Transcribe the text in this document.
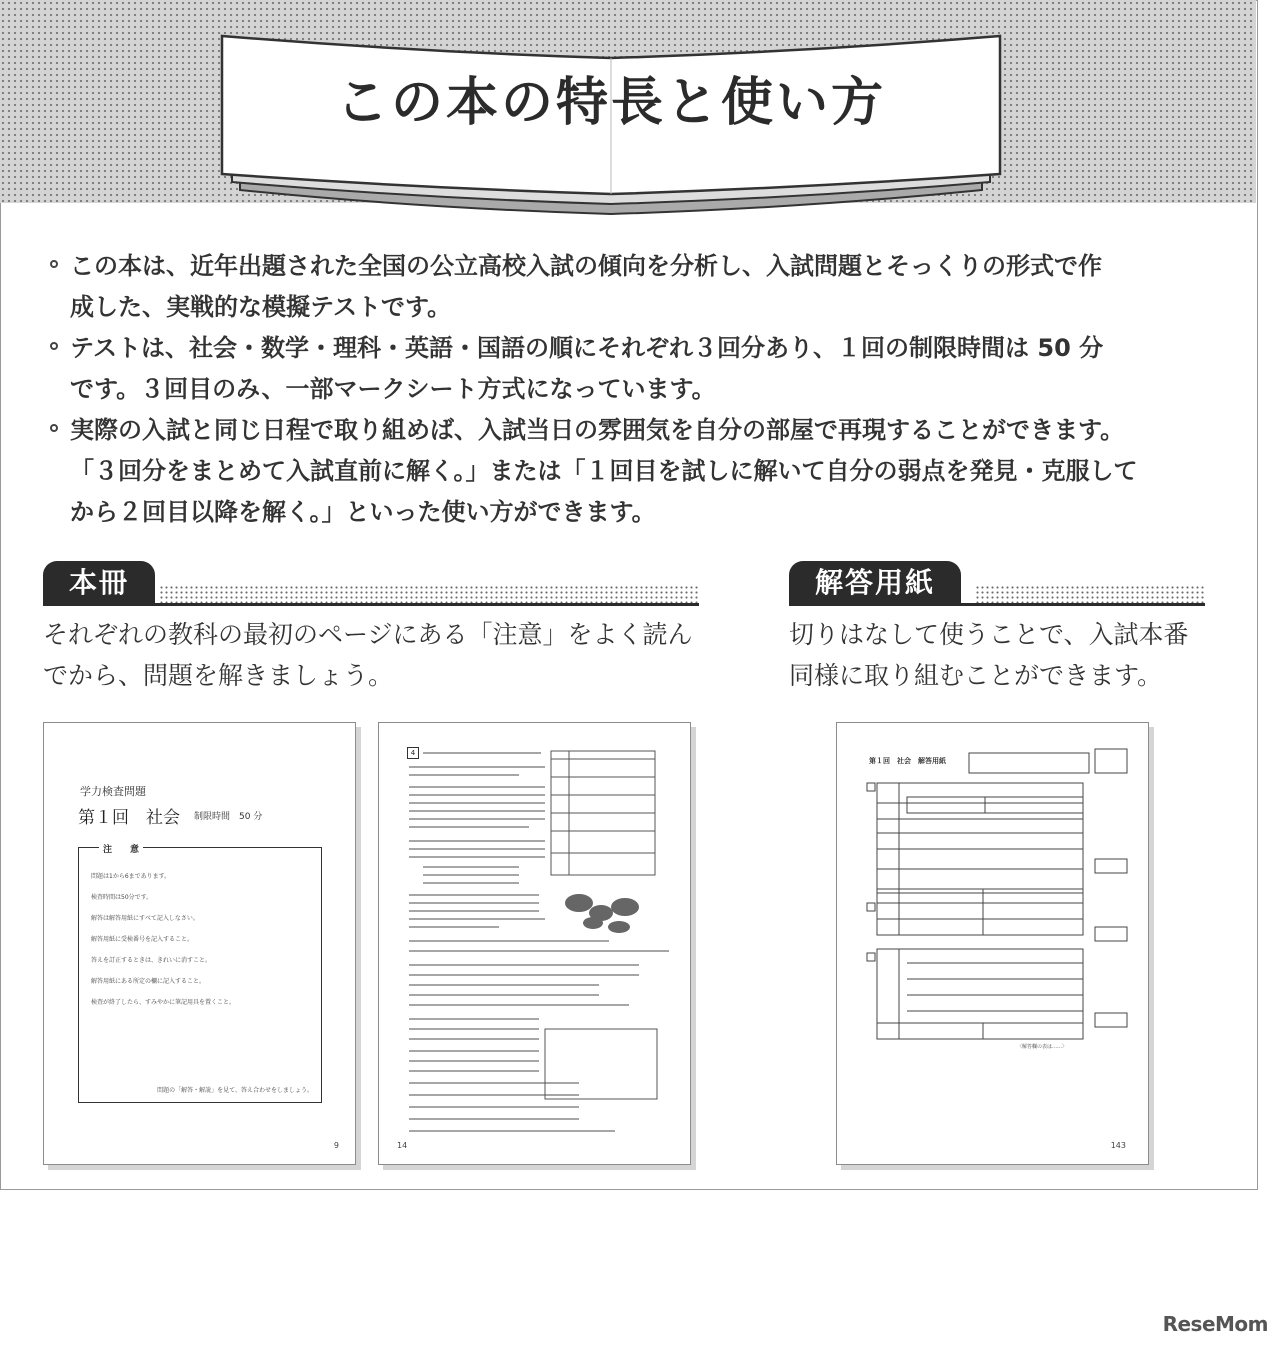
この本の特長と使い方

この本は、近年出題された全国の公立高校入試の傾向を分析し、入試問題とそっくりの形式で作
成した、実戦的な模擬テストです。

テストは、社会・数学・理科・英語・国語の順にそれぞれ３回分あり、１回の制限時間は 50 分
です。３回目のみ、一部マークシート方式になっています。

実際の入試と同じ日程で取り組めば、入試当日の雰囲気を自分の部屋で再現することができます。
「３回分をまとめて入試直前に解く。」または「１回目を試しに解いて自分の弱点を発見・克服して
から２回目以降を解く。」といった使い方ができます。

本冊
それぞれの教科の最初のページにある「注意」をよく読ん
でから、問題を解きましょう。
解答用紙
切りはなして使うことで、入試本番
同様に取り組むことができます。
学力検査問題
第１回　社会 制限時間　50 分
注　　意
問題は1から6まであります。
検査時間は50分です。
解答は解答用紙にすべて記入しなさい。
解答用紙に受検番号を記入すること。
答えを訂正するときは、きれいに消すこと。
解答用紙にある所定の欄に記入すること。
検査が終了したら、すみやかに筆記用具を置くこと。
問題の「解答・解説」を見て、答え合わせをしましょう。
9
4
14
第１回　社会　解答用紙
〈解答欄の表は……〉
143
ReseMom
